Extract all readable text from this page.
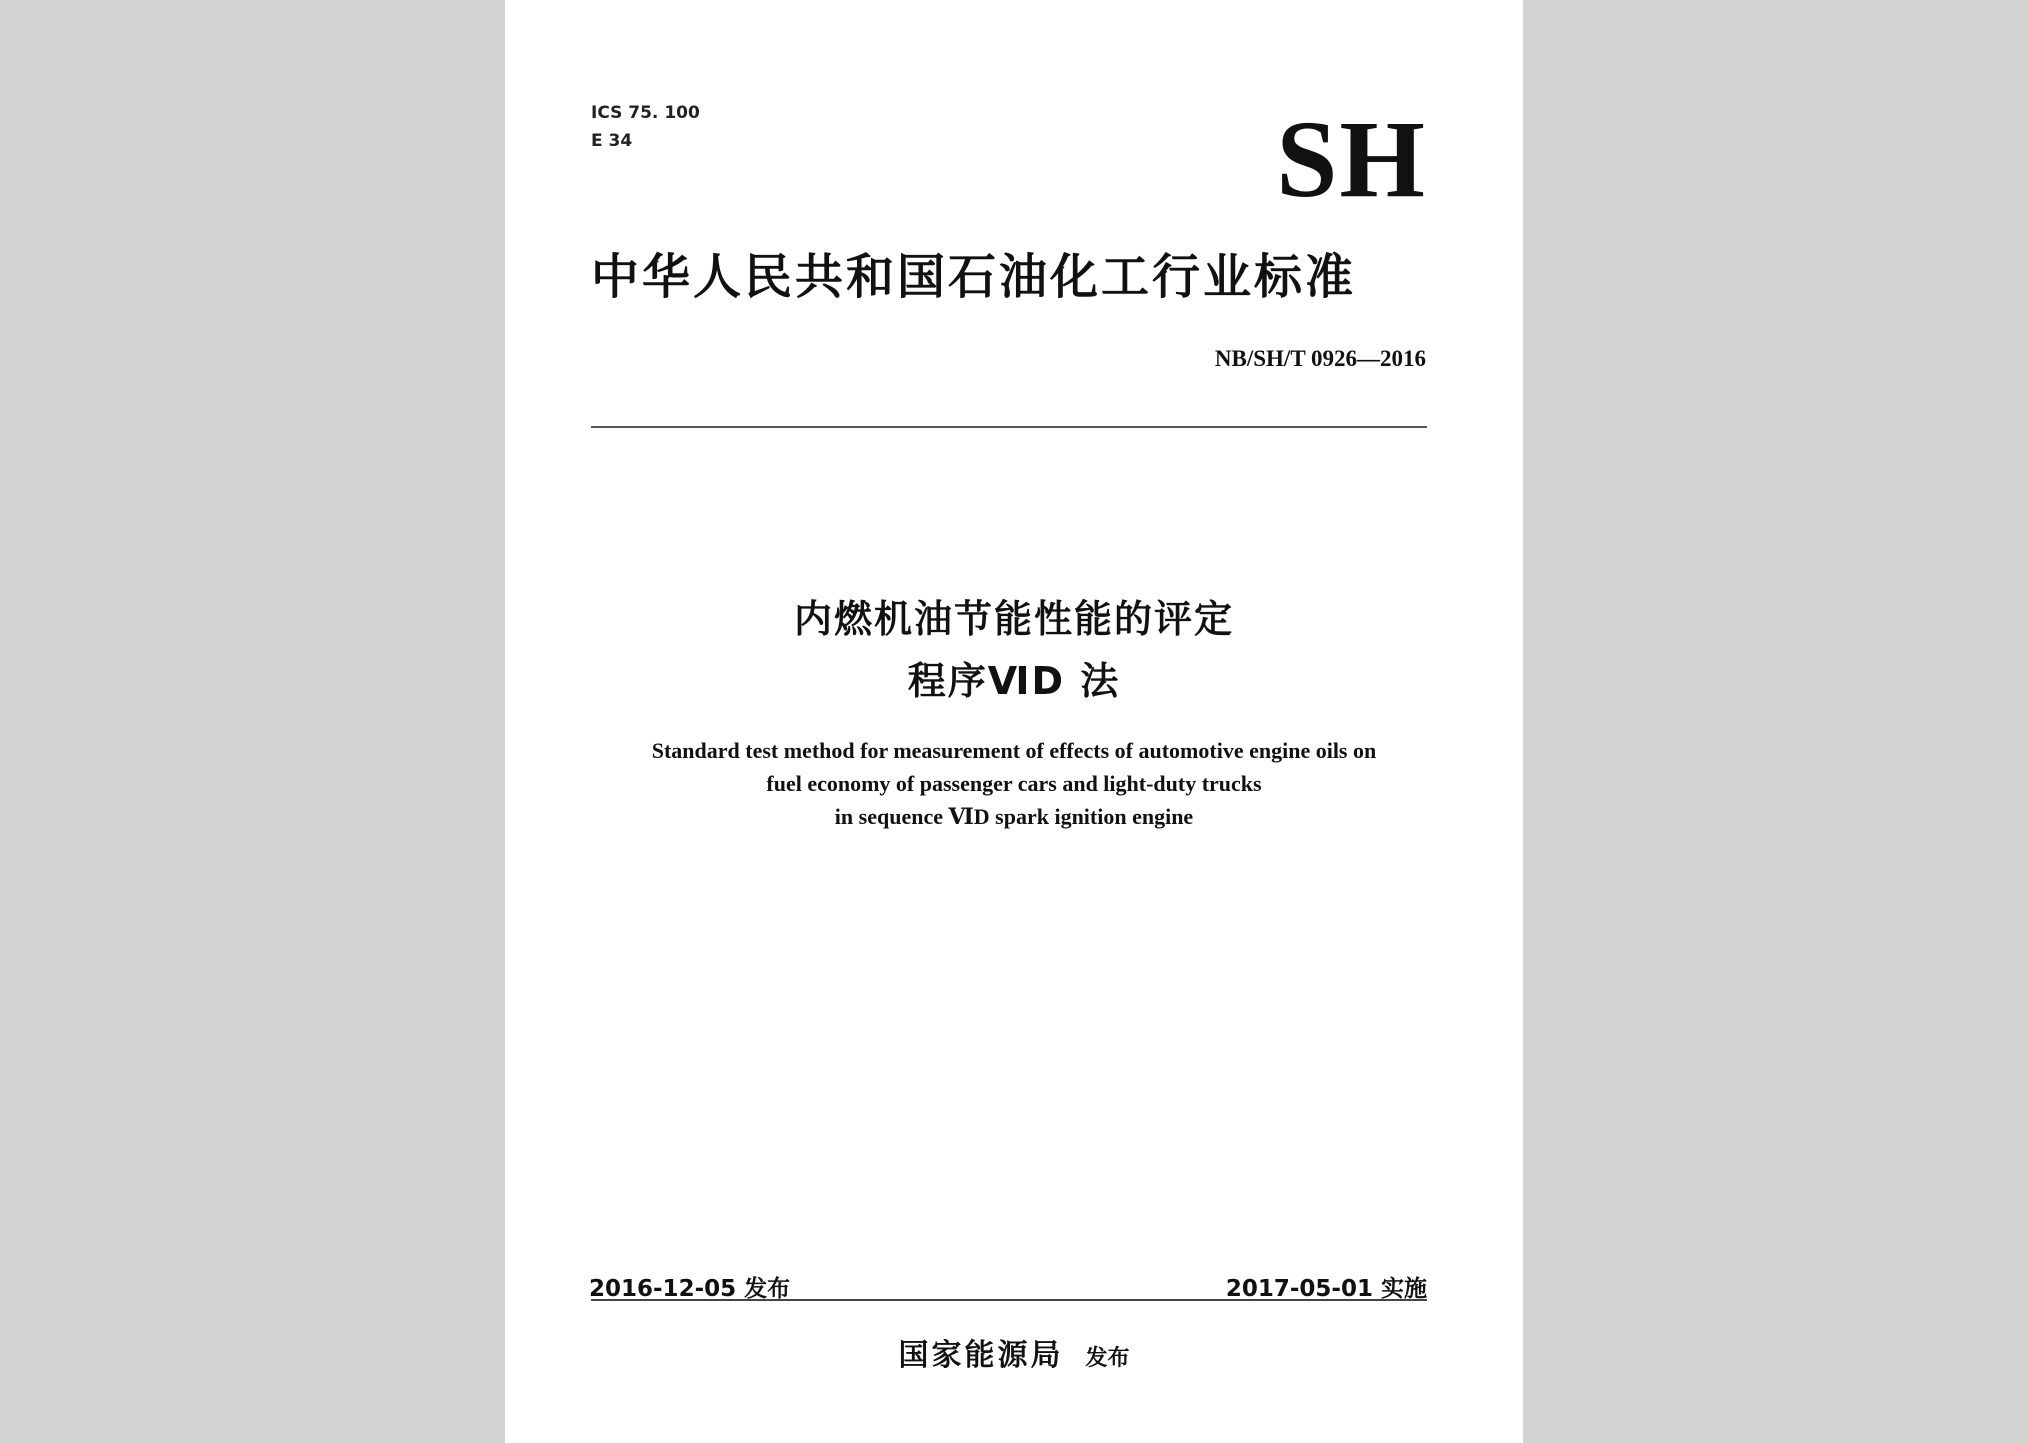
ICS 75. 100

E 34	SH

中华人民共和国石油化工行业标准

NB/SH/T 0926—2016

内燃机油节能性能的评定

程序ⅥD 法

Standard test method for measurement of effects of automotive engine oils on

fuel economy of passenger cars and light-duty trucks

in sequence ⅥD spark ignition engine

2016-12-05 发布	2017-05-01 实施

国家能源局 发布
